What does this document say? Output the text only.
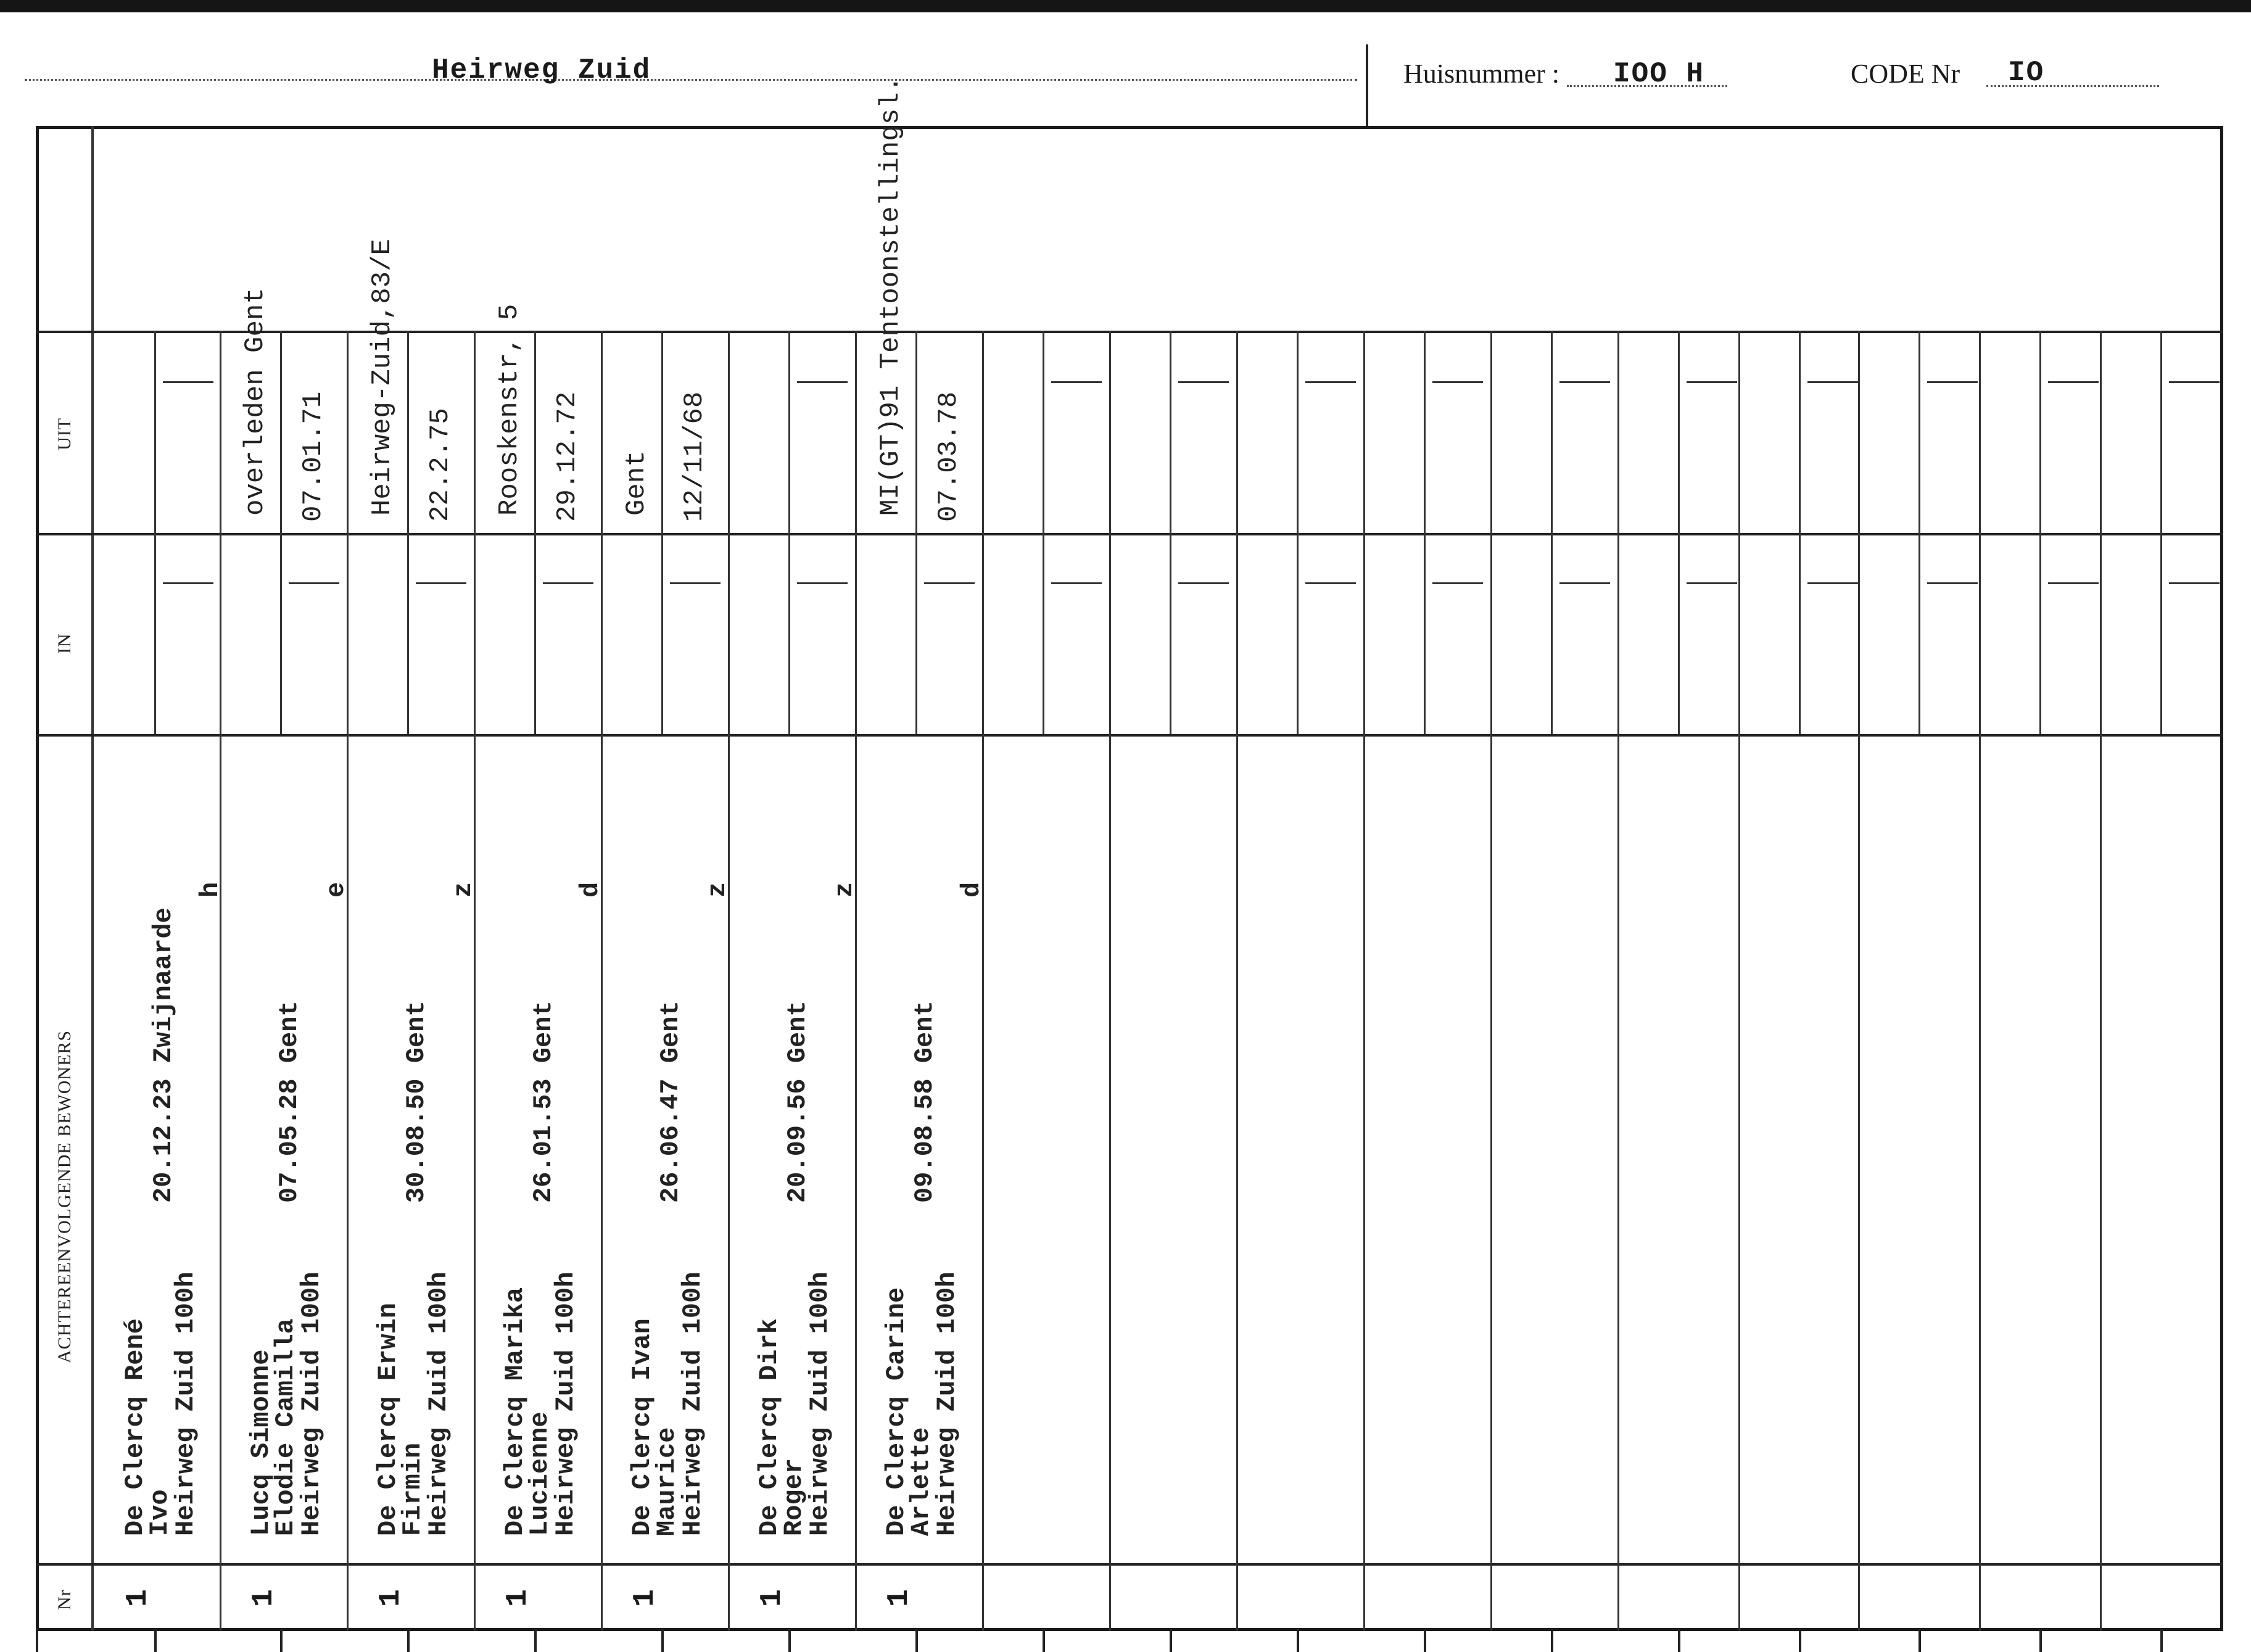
Heirweg Zuid	Huisnummer : IOO H	CODE Nr IO
UIT
IN
ACHTEREENVOLGENDE BEWONERS
Nr 1
De Clercq René
Ivo
Heirweg Zuid 100h
20.12.23 Zwijnaarde
h
1
Lucq Simonne
Elodie Camilla
Heirweg Zuid 100h
07.05.28 Gent
e
overleden Gent 07.01.71
1
De Clercq Erwin
Firmin
Heirweg Zuid 100h
30.08.50 Gent
z
Heirweg-Zuid,83/E 22.2.75
1
De Clercq Marika
Lucienne
Heirweg Zuid 100h
26.01.53 Gent
d
Rooskenstr, 5 29.12.72
1
De Clercq Ivan
Maurice
Heirweg Zuid 100h
26.06.47 Gent
z
Gent 12/11/68
1
De Clercq Dirk
Roger
Heirweg Zuid 100h
20.09.56 Gent
z
1
De Clercq Carine
Arlette
Heirweg Zuid 100h
09.08.58 Gent
d
MI(GT)91 Tentoonstellingsl. 07.03.78
